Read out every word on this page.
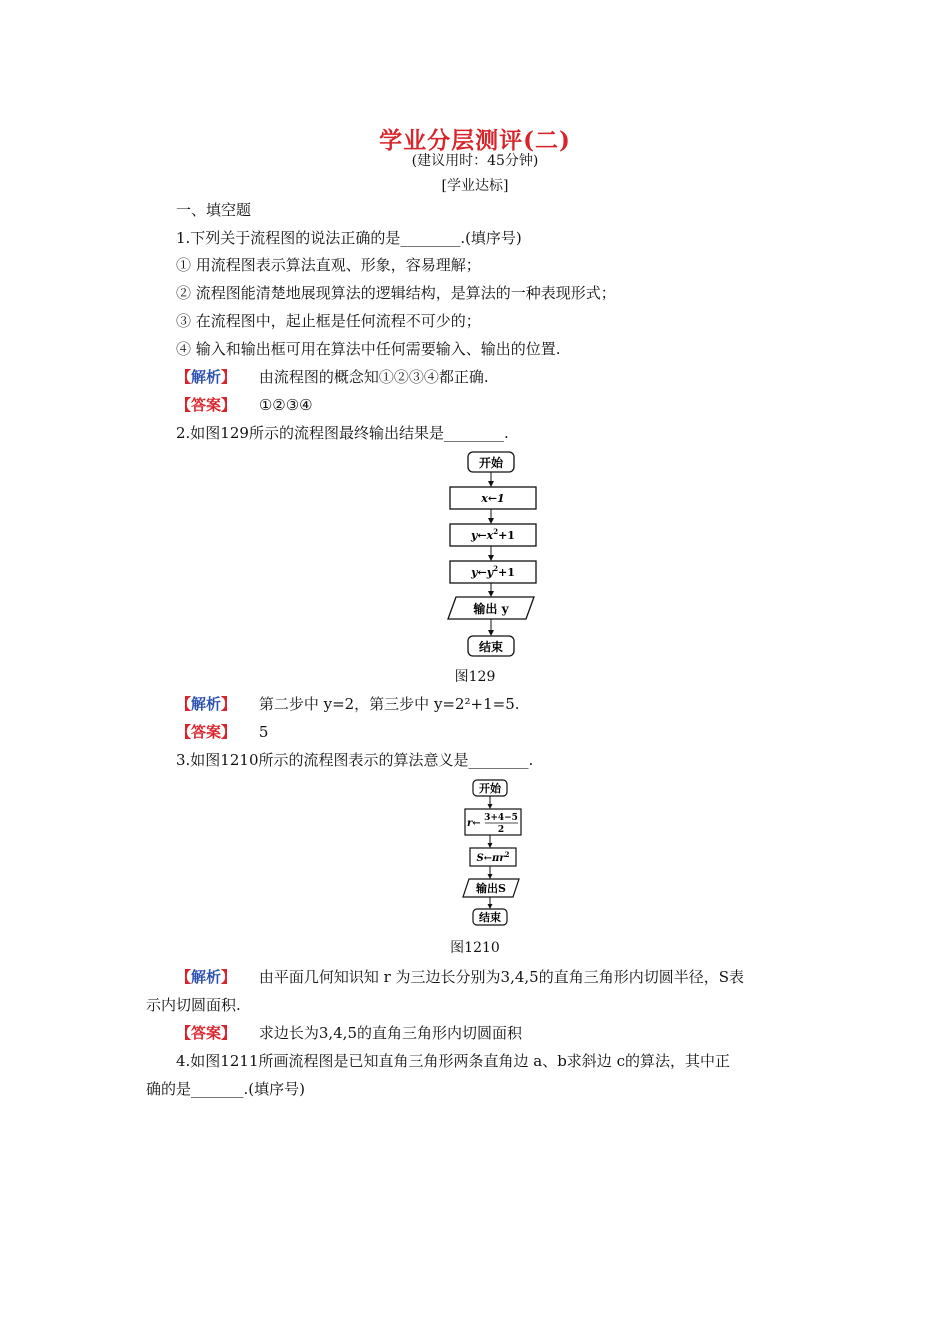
学业分层测评(二)
(建议用时：45分钟)
[学业达标]
一、填空题
1.下列关于流程图的说法正确的是________.(填序号)
① 用流程图表示算法直观、形象，容易理解；
② 流程图能清楚地展现算法的逻辑结构，是算法的一种表现形式；
③ 在流程图中，起止框是任何流程不可少的；
④ 输入和输出框可用在算法中任何需要输入、输出的位置.
【解析】 由流程图的概念知①②③④都正确.
【答案】 ①②③④
2.如图129所示的流程图最终输出结果是________.
开始
x←1
$y\leftarrow x^2+1$
$y\leftarrow y^2+1$
输出 y
结束
图129
【解析】 第二步中 y=2，第三步中 y=2²+1=5.
【答案】 5
3.如图1210所示的流程图表示的算法意义是________.
开始
r← 3+4−5
2
$S\leftarrow\pi r^2$
输出S
结束
图1210
【解析】 由平面几何知识知 r 为三边长分别为3,4,5的直角三角形内切圆半径，S表
示内切圆面积.
【答案】 求边长为3,4,5的直角三角形内切圆面积
4.如图1211所画流程图是已知直角三角形两条直角边 a、b求斜边 c的算法，其中正
确的是_______.(填序号)
